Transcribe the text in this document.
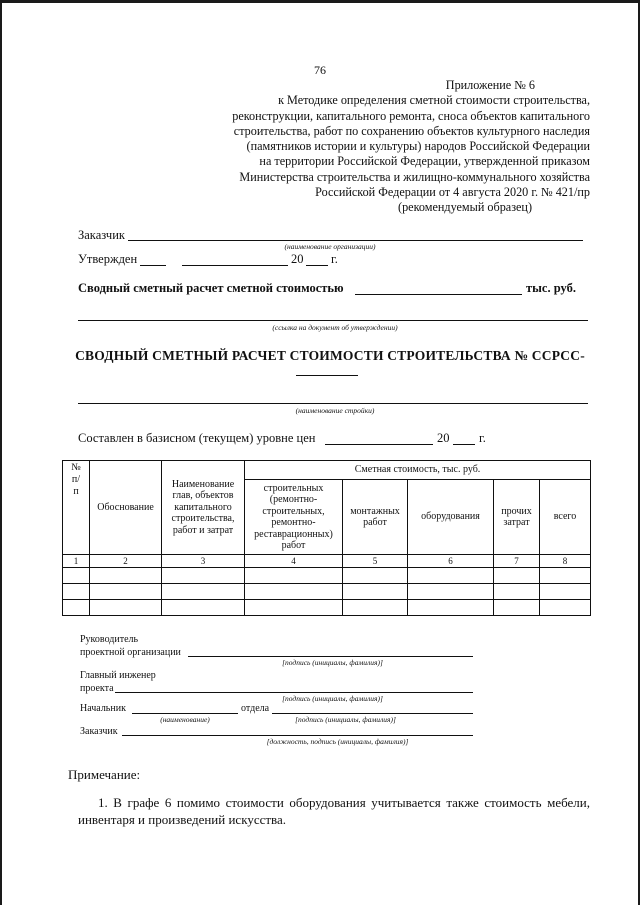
76
Приложение № 6
к Методике определения сметной стоимости строительства,
реконструкции, капитального ремонта, сноса объектов капитального
строительства, работ по сохранению объектов культурного наследия
(памятников истории и культуры) народов Российской Федерации
на территории Российской Федерации, утвержденной приказом
Министерства строительства и жилищно-коммунального хозяйства
Российской Федерации от 4 августа 2020 г. № 421/пр
(рекомендуемый образец)
Заказчик
(наименование организации)
Утвержден	20 г.
Сводный сметный расчет сметной стоимостью	тыс. руб.
(ссылка на документ об утверждении)
СВОДНЫЙ СМЕТНЫЙ РАСЧЕТ СТОИМОСТИ СТРОИТЕЛЬСТВА № ССРСС-
(наименование стройки)
Составлен в базисном (текущем) уровне цен	20 г.
№
п/
п	Обоснование	Наименование глав, объектов капитального строительства, работ и затрат	Сметная стоимость, тыс. руб.				
			строительных (ремонтно-строительных, ремонтно-реставрационных) работ	монтажных работ	оборудования	прочих затрат	всего
1	2	3	4	5	6	7	8

Руководитель
проектной организации
[подпись (инициалы, фамилия)]
Главный инженер
проекта
[подпись (инициалы, фамилия)]
Начальник	отдела
(наименование)	[подпись (инициалы, фамилия)]
Заказчик
[должность, подпись (инициалы, фамилия)]
Примечание:
1. В графе 6 помимо стоимости оборудования учитывается также стоимость мебели, инвентаря и произведений искусства.
